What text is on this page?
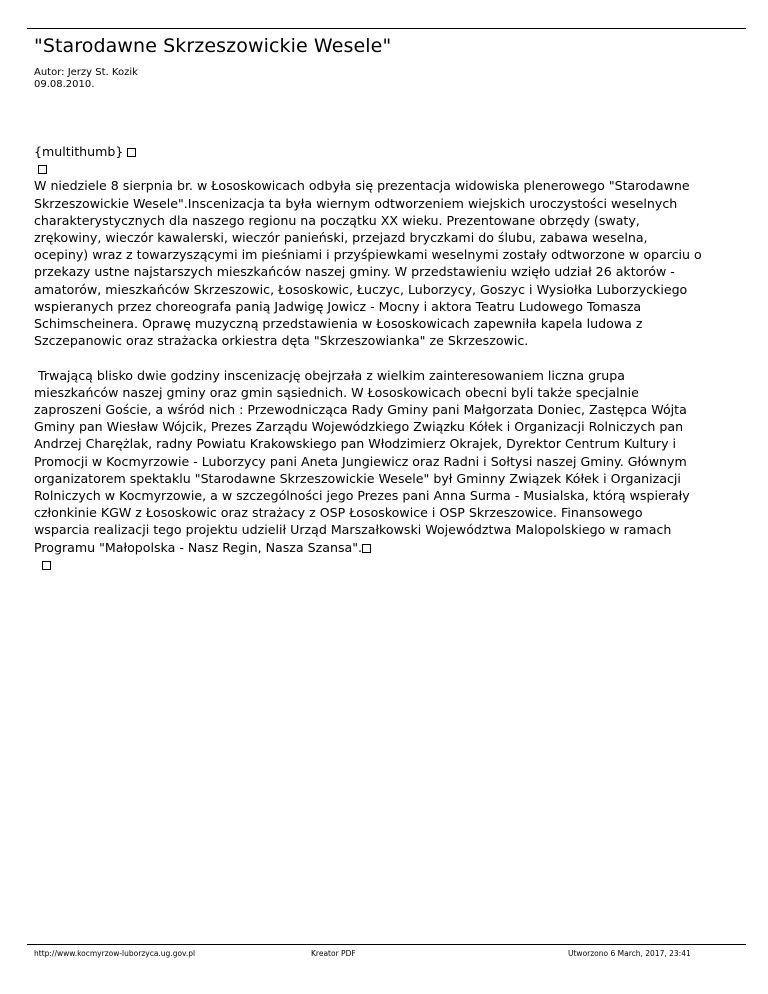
"Starodawne Skrzeszowickie Wesele"
Autor: Jerzy St. Kozik
09.08.2010.
{multithumb}

W niedziele 8 sierpnia br. w Łososkowicach odbyła się prezentacja widowiska plenerowego "Starodawne
Skrzeszowickie Wesele".Inscenizacja ta była wiernym odtworzeniem wiejskich uroczystości weselnych
charakterystycznych dla naszego regionu na początku XX wieku. Prezentowane obrzędy (swaty,
zrękowiny, wieczór kawalerski, wieczór panieński, przejazd bryczkami do ślubu, zabawa weselna,
ocepiny) wraz z towarzyszącymi im pieśniami i przyśpiewkami weselnymi zostały odtworzone w oparciu o
przekazy ustne najstarszych mieszkańców naszej gminy. W przedstawieniu wzięło udział 26 aktorów -
amatorów, mieszkańców Skrzeszowic, Łososkowic, Łuczyc, Luborzycy, Goszyc i Wysiołka Luborzyckiego
wspieranych przez choreografa panią Jadwigę Jowicz - Mocny i aktora Teatru Ludowego Tomasza
Schimscheinera. Oprawę muzyczną przedstawienia w Łososkowicach zapewniła kapela ludowa z
Szczepanowic oraz strażacka orkiestra dęta "Skrzeszowianka" ze Skrzeszowic.
Trwającą blisko dwie godziny inscenizację obejrzała z wielkim zainteresowaniem liczna grupa
mieszkańców naszej gminy oraz gmin sąsiednich. W Łososkowicach obecni byli także specjalnie
zaproszeni Goście, a wśród nich : Przewodnicząca Rady Gminy pani Małgorzata Doniec, Zastępca Wójta
Gminy pan Wiesław Wójcik, Prezes Zarządu Wojewódzkiego Związku Kółek i Organizacji Rolniczych pan
Andrzej Charężlak, radny Powiatu Krakowskiego pan Włodzimierz Okrajek, Dyrektor Centrum Kultury i
Promocji w Kocmyrzowie - Luborzycy pani Aneta Jungiewicz oraz Radni i Sołtysi naszej Gminy. Głównym
organizatorem spektaklu "Starodawne Skrzeszowickie Wesele" był Gminny Związek Kółek i Organizacji
Rolniczych w Kocmyrzowie, a w szczególności jego Prezes pani Anna Surma - Musialska, którą wspierały
członkinie KGW z Łososkowic oraz strażacy z OSP Łososkowice i OSP Skrzeszowice. Finansowego
wsparcia realizacji tego projektu udzielił Urząd Marszałkowski Województwa Malopolskiego w ramach
Programu "Małopolska - Nasz Regin, Nasza Szansa".

http://www.kocmyrzow-luborzyca.ug.gov.pl	Kreator PDF	Utworzono 6 March, 2017, 23:41
